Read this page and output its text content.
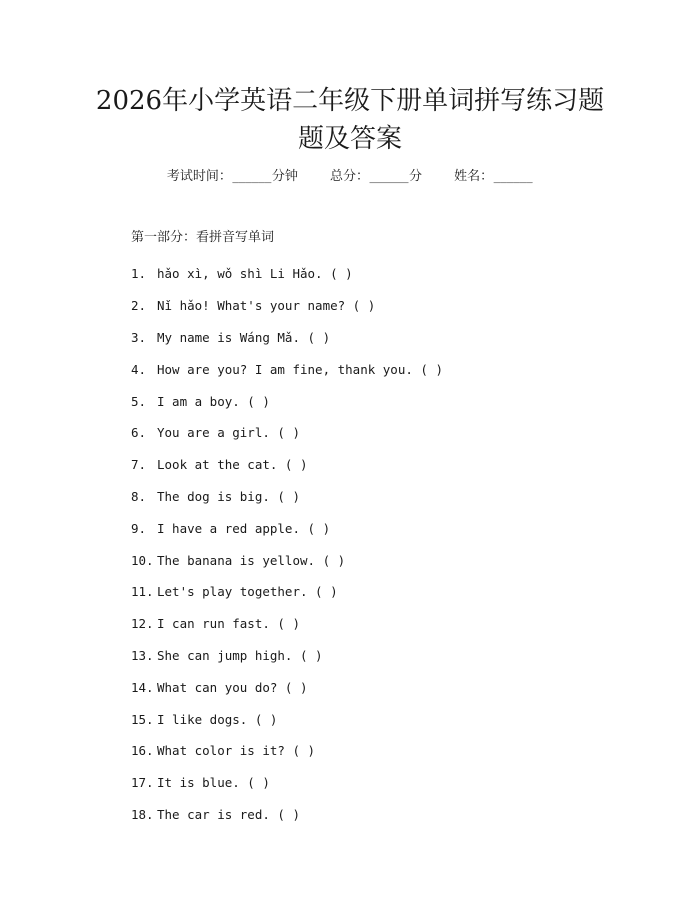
2026年小学英语二年级下册单词拼写练习题
题及答案
考试时间：______分钟 总分：______分 姓名：______
第一部分：看拼音写单词
1. hǎo xì, wǒ shì Li Hǎo. ( )
2. Nǐ hǎo! What's your name? ( )
3. My name is Wáng Mǎ. ( )
4. How are you? I am fine, thank you. ( )
5. I am a boy. ( )
6. You are a girl. ( )
7. Look at the cat. ( )
8. The dog is big. ( )
9. I have a red apple. ( )
10. The banana is yellow. ( )
11. Let's play together. ( )
12. I can run fast. ( )
13. She can jump high. ( )
14. What can you do? ( )
15. I like dogs. ( )
16. What color is it? ( )
17. It is blue. ( )
18. The car is red. ( )
